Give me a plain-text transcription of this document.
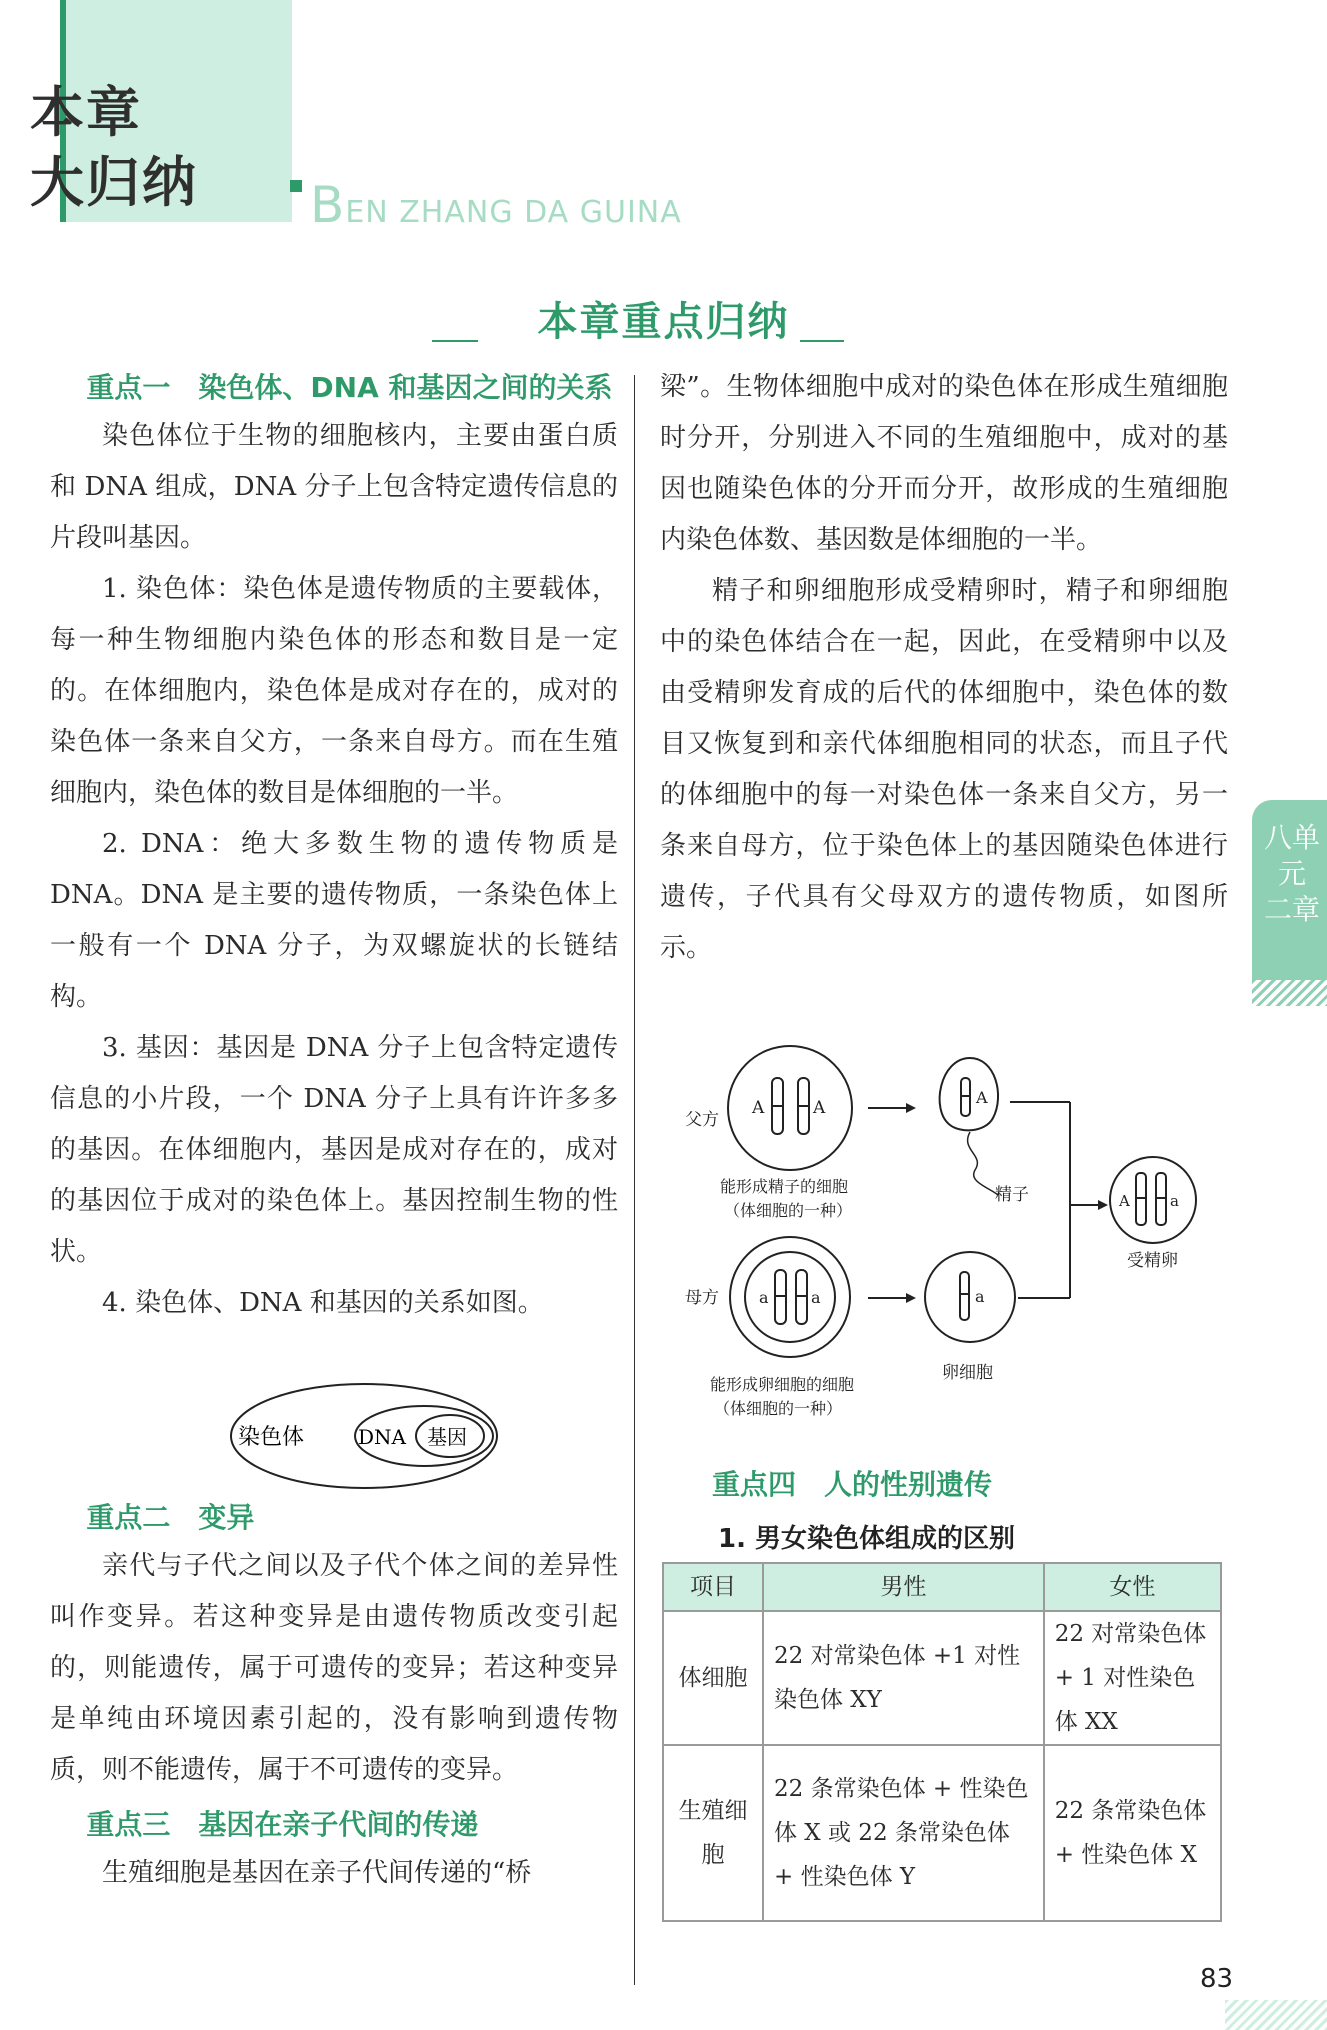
本章
大归纳 BEN ZHANG DA GUINA
本章重点归纳
重点一　染色体、DNA 和基因之间的关系

染色体位于生物的细胞核内，主要由蛋白质和 DNA 组成，DNA 分子上包含特定遗传信息的片段叫基因。

1. 染色体：染色体是遗传物质的主要载体，每一种生物细胞内染色体的形态和数目是一定的。在体细胞内，染色体是成对存在的，成对的染色体一条来自父方，一条来自母方。而在生殖细胞内，染色体的数目是体细胞的一半。

2. DNA：绝大多数生物的遗传物质是 DNA。DNA 是主要的遗传物质，一条染色体上一般有一个 DNA 分子，为双螺旋状的长链结构。

3. 基因：基因是 DNA 分子上包含特定遗传信息的小片段，一个 DNA 分子上具有许许多多的基因。在体细胞内，基因是成对存在的，成对的基因位于成对的染色体上。基因控制生物的性状。

4. 染色体、DNA 和基因的关系如图。

重点二　变异

亲代与子代之间以及子代个体之间的差异性叫作变异。若这种变异是由遗传物质改变引起的，则能遗传，属于可遗传的变异；若这种变异是单纯由环境因素引起的，没有影响到遗传物质，则不能遗传，属于不可遗传的变异。

重点三　基因在亲子代间的传递

生殖细胞是基因在亲子代间传递的“桥

染色体	DNA 基因

梁”。生物体细胞中成对的染色体在形成生殖细胞时分开，分别进入不同的生殖细胞中，成对的基因也随染色体的分开而分开，故形成的生殖细胞内染色体数、基因数是体细胞的一半。

精子和卵细胞形成受精卵时，精子和卵细胞中的染色体结合在一起，因此，在受精卵中以及由受精卵发育成的后代的体细胞中，染色体的数目又恢复到和亲代体细胞相同的状态，而且子代的体细胞中的每一对染色体一条来自父方，另一条来自母方，位于染色体上的基因随染色体进行遗传，子代具有父母双方的遗传物质，如图所示。

父方
A	A
能形成精子的细胞
（体细胞的一种）
A
精子
母方	a	a
能形成卵细胞的细胞
（体细胞的一种）
a
卵细胞
A	a
受精卵
重点四　人的性别遗传
1. 男女染色体组成的区别
项目	男性	女性
体细胞	22 对常染色体 +1 对性染色体 XY	22 对常染色体 + 1 对性染色体 XX
生殖细胞	22 条常染色体 + 性染色体 X 或 22 条常染色体 + 性染色体 Y	22 条常染色体 + 性染色体 X
八单元
二章
83
